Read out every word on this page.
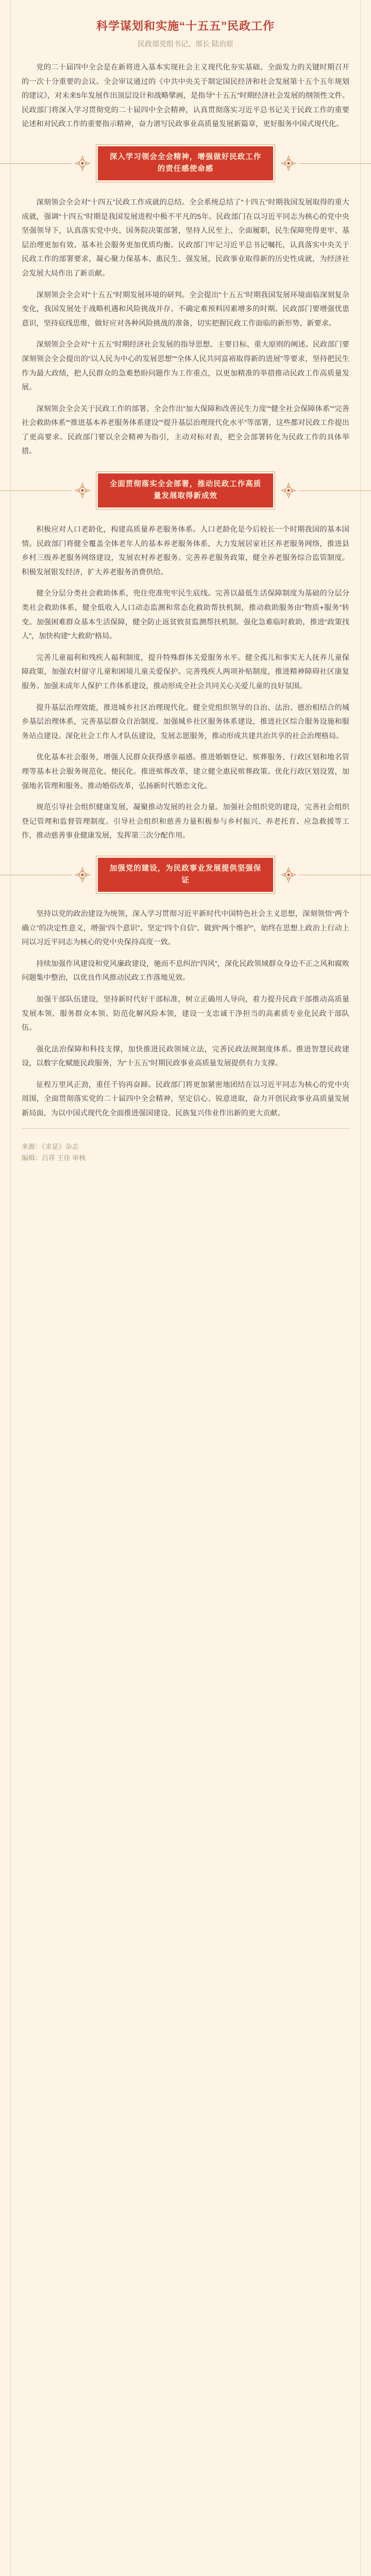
科学谋划和实施“十五五”民政工作
民政部党组书记、部长 陆治原

党的二十届四中全会是在新将进入基本实现社会主义现代化夯实基础、全面发力的关键时期召开的一次十分重要的会议。全会审议通过的《中共中央关于制定国民经济和社会发展第十五个五年规划的建议》，对未来5年发展作出顶层设计和战略擘画，是指导“十五五”时期经济社会发展的纲领性文件。民政部门将深入学习贯彻党的二十届四中全会精神，认真贯彻落实习近平总书记关于民政工作的重要论述和对民政工作的重要指示精神，奋力谱写民政事业高质量发展新篇章，更好服务中国式现代化。

深入学习领会全会精神，增强做好民政工作的责任感使命感

深刻领会全会对“十四五”民政工作成就的总结。全会系统总结了“十四五”时期我国发展取得的重大成就，强调“十四五”时期是我国发展进程中极不平凡的5年。民政部门在以习近平同志为核心的党中央坚强领导下，认真落实党中央、国务院决策部署，坚持人民至上、全面履职，民生保障兜得更牢、基层治理更加有效、基本社会服务更加优质均衡。民政部门牢记习近平总书记嘱托，认真落实中央关于民政工作的部署要求，凝心聚力保基本、惠民生、强发展，民政事业取得新的历史性成就，为经济社会发展大局作出了新贡献。

深刻领会全会对“十五五”时期发展环境的研判。全会提出“十五五”时期我国发展环境面临深刻复杂变化，我国发展处于战略机遇和风险挑战并存、不确定难预料因素增多的时期。民政部门要增强忧患意识，坚持底线思维，做好应对各种风险挑战的准备，切实把握民政工作面临的新形势、新要求。

深刻领会全会对“十五五”时期经济社会发展的指导思想、主要目标、重大原则的阐述。民政部门要深刻领会全会提出的“以人民为中心的发展思想”“全体人民共同富裕取得新的进展”等要求，坚持把民生作为最大政绩，把人民群众的急难愁盼问题作为工作重点，以更加精准的举措推动民政工作高质量发展。

深刻领会全会关于民政工作的部署。全会作出“加大保障和改善民生力度”“健全社会保障体系”“完善社会救助体系”“推进基本养老服务体系建设”“提升基层治理现代化水平”等部署，这些都对民政工作提出了更高要求。民政部门要以全会精神为指引，主动对标对表，把全会部署转化为民政工作的具体举措。

全面贯彻落实全会部署，推动民政工作高质量发展取得新成效

积极应对人口老龄化，构建高质量养老服务体系。人口老龄化是今后较长一个时期我国的基本国情。民政部门将健全覆盖全体老年人的基本养老服务体系，大力发展居家社区养老服务网络，推进县乡村三级养老服务网络建设，发展农村养老服务。完善养老服务政策，健全养老服务综合监管制度。积极发展银发经济，扩大养老服务消费供给。

健全分层分类社会救助体系，兜住兜准兜牢民生底线。完善以最低生活保障制度为基础的分层分类社会救助体系，健全低收入人口动态监测和常态化救助帮扶机制，推动救助服务由“物质+服务”转变。加强困难群众基本生活保障，健全防止返贫致贫监测帮扶机制。强化急难临时救助，推进“政策找人”，加快构建“大救助”格局。

完善儿童福利和残疾人福利制度，提升特殊群体关爱服务水平。健全孤儿和事实无人抚养儿童保障政策，加强农村留守儿童和困境儿童关爱保护。完善残疾人两项补贴制度，推进精神障碍社区康复服务。加强未成年人保护工作体系建设，推动形成全社会共同关心关爱儿童的良好氛围。

提升基层治理效能，推进城乡社区治理现代化。健全党组织领导的自治、法治、德治相结合的城乡基层治理体系，完善基层群众自治制度。加强城乡社区服务体系建设，推进社区综合服务设施和服务站点建设。深化社会工作人才队伍建设，发展志愿服务，推动形成共建共治共享的社会治理格局。

优化基本社会服务，增强人民群众获得感幸福感。推进婚姻登记、殡葬服务、行政区划和地名管理等基本社会服务规范化、便民化。推进殡葬改革，建立健全惠民殡葬政策。优化行政区划设置，加强地名管理和服务。推动婚俗改革，弘扬新时代婚恋文化。

规范引导社会组织健康发展，凝聚推动发展的社会力量。加强社会组织党的建设，完善社会组织登记管理和监督管理制度。引导社会组织和慈善力量积极参与乡村振兴、养老托育、应急救援等工作，推动慈善事业健康发展，发挥第三次分配作用。

加强党的建设，为民政事业发展提供坚强保证

坚持以党的政治建设为统领，深入学习贯彻习近平新时代中国特色社会主义思想，深刻领悟“两个确立”的决定性意义，增强“四个意识”、坚定“四个自信”、做到“两个维护”，始终在思想上政治上行动上同以习近平同志为核心的党中央保持高度一致。

持续加强作风建设和党风廉政建设，驰而不息纠治“四风”，深化民政领域群众身边不正之风和腐败问题集中整治，以优良作风推动民政工作落地见效。

加强干部队伍建设，坚持新时代好干部标准，树立正确用人导向，着力提升民政干部推动高质量发展本领、服务群众本领、防范化解风险本领，建设一支忠诚干净担当的高素质专业化民政干部队伍。

强化法治保障和科技支撑，加快推进民政领域立法，完善民政法规制度体系。推进智慧民政建设，以数字化赋能民政服务，为“十五五”时期民政事业高质量发展提供有力支撑。

征程万里风正劲，重任千钧再奋蹄。民政部门将更加紧密地团结在以习近平同志为核心的党中央周围，全面贯彻落实党的二十届四中全会精神，坚定信心、锐意进取，奋力开创民政事业高质量发展新局面，为以中国式现代化全面推进强国建设、民族复兴伟业作出新的更大贡献。

来源：《求是》杂志
编辑：吕祥 王佳 审核
